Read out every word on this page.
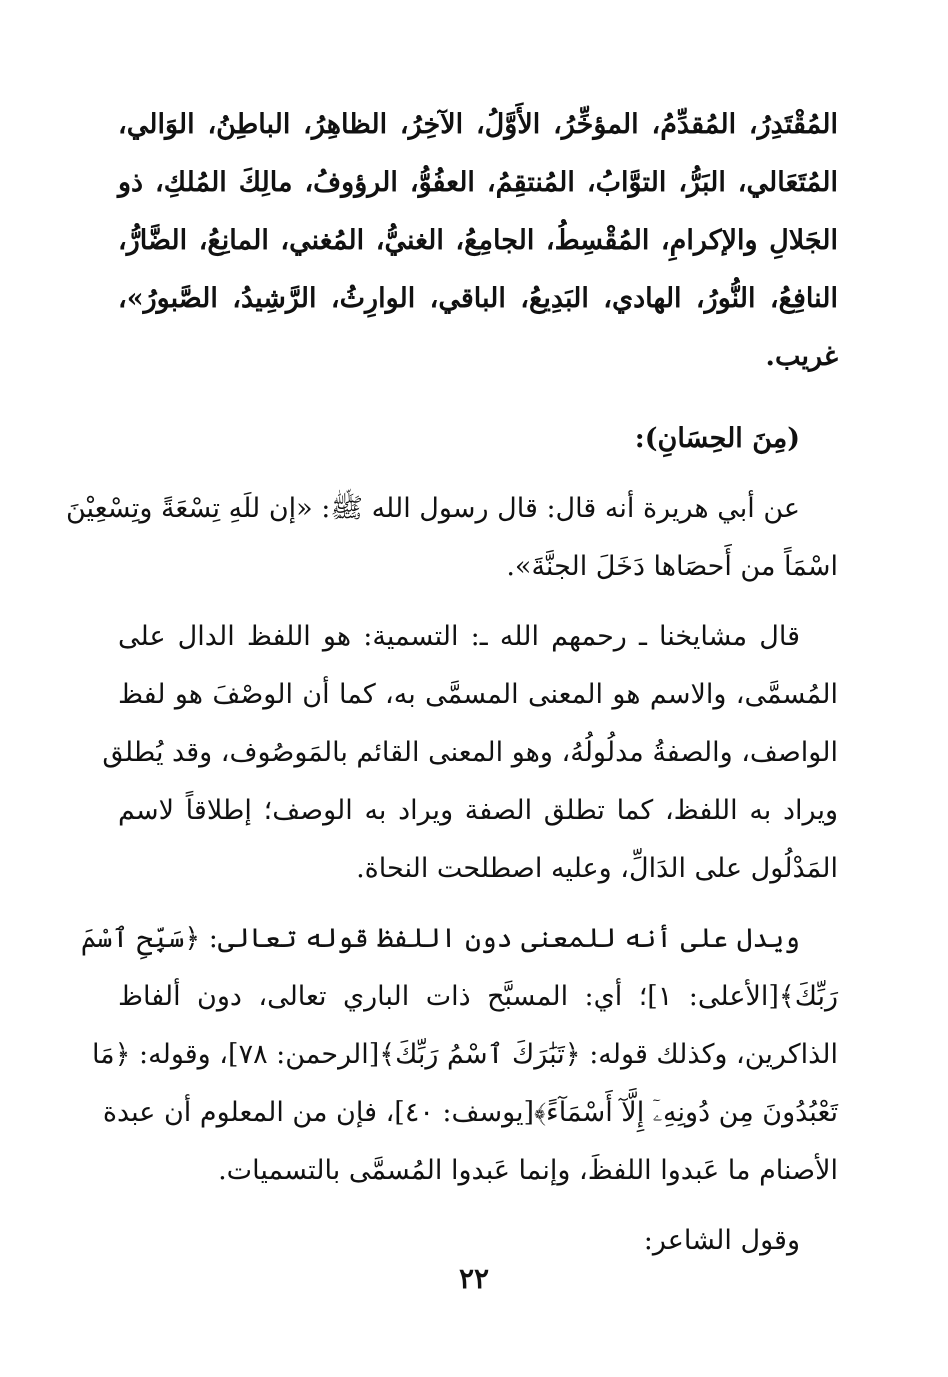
المُقْتَدِرُ، المُقدِّمُ، المؤخِّرُ، الأَوَّلُ، الآخِرُ، الظاهِرُ، الباطِنُ، الوَالي،
المُتَعَالي، البَرُّ، التوَّابُ، المُنتقِمُ، العفُوُّ، الرؤوفُ، مالِكَ المُلكِ، ذو
الجَلالِ والإكرامِ، المُقْسِطُ، الجامِعُ، الغنيُّ، المُغني، المانِعُ، الضَّارُّ،
النافِعُ، النُّورُ، الهادي، البَدِيعُ، الباقي، الوارِثُ، الرَّشِيدُ، الصَّبورُ»،
غريب.
(مِنَ الحِسَانِ):
عن أبي هريرة أنه قال: قال رسول الله ﷺ: «إن للَهِ تِسْعَةً وتِسْعِيْنَ
اسْمَاً من أَحصَاها دَخَلَ الجنَّةَ».
قال مشايخنا ـ رحمهم الله ـ: التسمية: هو اللفظ الدال على
المُسمَّى، والاسم هو المعنى المسمَّى به، كما أن الوصْفَ هو لفظ
الواصف، والصفةُ مدلُولُهُ، وهو المعنى القائم بالمَوصُوف، وقد يُطلق
ويراد به اللفظ، كما تطلق الصفة ويراد به الوصف؛ إطلاقاً لاسم
المَدْلُول على الدَالِّ، وعليه اصطلحت النحاة.
ويدل على أنه للمعنى دون اللفظ قوله تعالى: ﴿سَبِّحِ ٱسْمَ
رَبِّكَ﴾[الأعلى: ١]؛ أي: المسبَّح ذات الباري تعالى، دون ألفاظ
الذاكرين، وكذلك قوله: ﴿تَبَٰرَكَ ٱسْمُ رَبِّكَ﴾[الرحمن: ٧٨]، وقوله: ﴿مَا
تَعْبُدُونَ مِن دُونِهِۦٓ إِلَّآ أَسْمَآءً﴾[يوسف: ٤٠]، فإن من المعلوم أن عبدة
الأصنام ما عَبدوا اللفظَ، وإنما عَبدوا المُسمَّى بالتسميات.
وقول الشاعر:
٢٢
